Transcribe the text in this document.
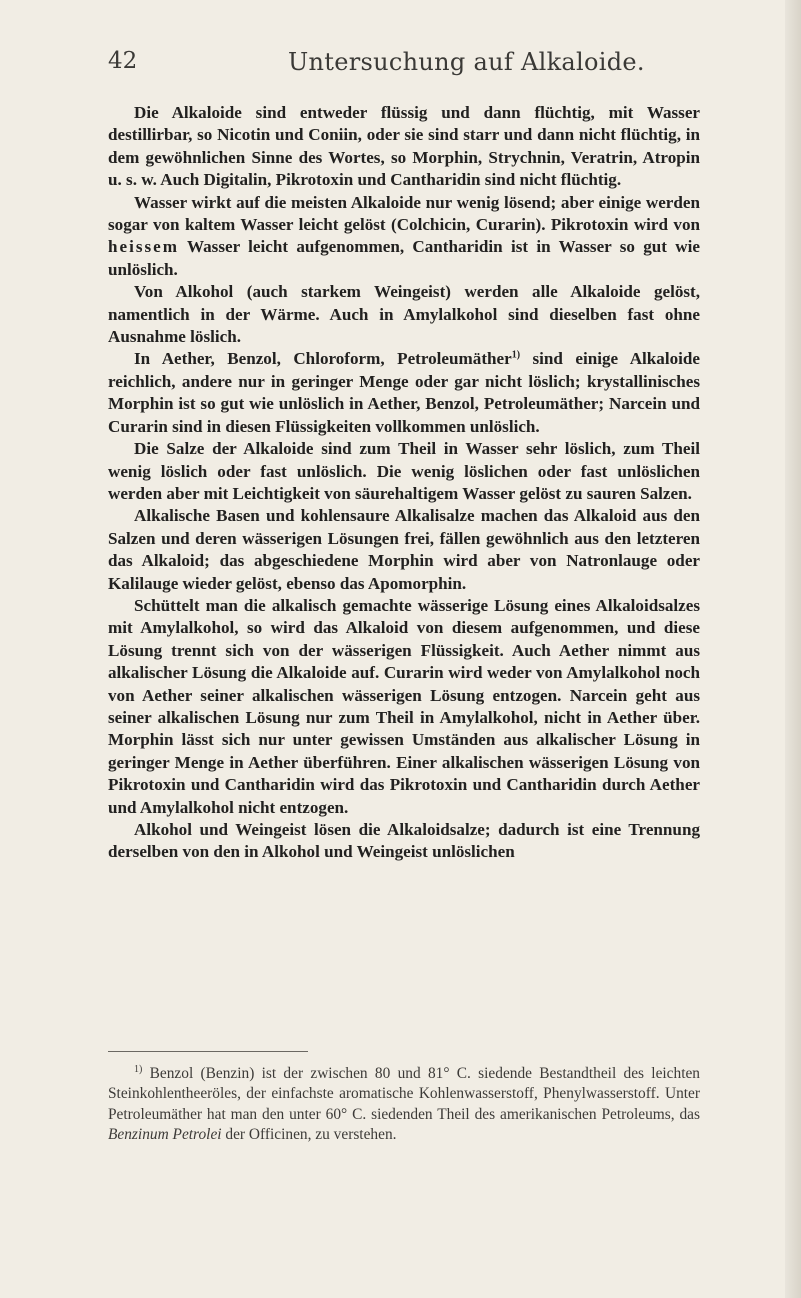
42	Untersuchung auf Alkaloide.

Die Alkaloide sind entweder flüssig und dann flüchtig, mit Wasser destillirbar, so Nicotin und Coniin, oder sie sind starr und dann nicht flüchtig, in dem gewöhnlichen Sinne des Wortes, so Morphin, Strychnin, Veratrin, Atropin u. s. w. Auch Digitalin, Pikrotoxin und Cantharidin sind nicht flüchtig.

Wasser wirkt auf die meisten Alkaloide nur wenig lösend; aber einige werden sogar von kaltem Wasser leicht gelöst (Colchicin, Curarin). Pikrotoxin wird von heissem Wasser leicht aufgenommen, Cantharidin ist in Wasser so gut wie unlöslich.

Von Alkohol (auch starkem Weingeist) werden alle Alkaloide gelöst, namentlich in der Wärme. Auch in Amylalkohol sind dieselben fast ohne Ausnahme löslich.

In Aether, Benzol, Chloroform, Petroleumäther$^{1)}$ sind einige Alkaloide reichlich, andere nur in geringer Menge oder gar nicht löslich; krystallinisches Morphin ist so gut wie unlöslich in Aether, Benzol, Petroleumäther; Narcein und Curarin sind in diesen Flüssigkeiten vollkommen unlöslich.

Die Salze der Alkaloide sind zum Theil in Wasser sehr löslich, zum Theil wenig löslich oder fast unlöslich. Die wenig löslichen oder fast unlöslichen werden aber mit Leichtigkeit von säurehaltigem Wasser gelöst zu sauren Salzen.

Alkalische Basen und kohlensaure Alkalisalze machen das Alkaloid aus den Salzen und deren wässerigen Lösungen frei, fällen gewöhnlich aus den letzteren das Alkaloid; das abgeschiedene Morphin wird aber von Natronlauge oder Kalilauge wieder gelöst, ebenso das Apomorphin.

Schüttelt man die alkalisch gemachte wässerige Lösung eines Alkaloidsalzes mit Amylalkohol, so wird das Alkaloid von diesem aufgenommen, und diese Lösung trennt sich von der wässerigen Flüssigkeit. Auch Aether nimmt aus alkalischer Lösung die Alkaloide auf. Curarin wird weder von Amylalkohol noch von Aether seiner alkalischen wässerigen Lösung entzogen. Narcein geht aus seiner alkalischen Lösung nur zum Theil in Amylalkohol, nicht in Aether über. Morphin lässt sich nur unter gewissen Umständen aus alkalischer Lösung in geringer Menge in Aether überführen. Einer alkalischen wässerigen Lösung von Pikrotoxin und Cantharidin wird das Pikrotoxin und Cantharidin durch Aether und Amylalkohol nicht entzogen.

Alkohol und Weingeist lösen die Alkaloidsalze; dadurch ist eine Trennung derselben von den in Alkohol und Weingeist unlöslichen

$^{1)}$ Benzol (Benzin) ist der zwischen 80 und 81° C. siedende Bestandtheil des leichten Steinkohlentheeröles, der einfachste aromatische Kohlenwasserstoff, Phenylwasserstoff. Unter Petroleumäther hat man den unter 60° C. siedenden Theil des amerikanischen Petroleums, das Benzinum Petrolei der Officinen, zu verstehen.
